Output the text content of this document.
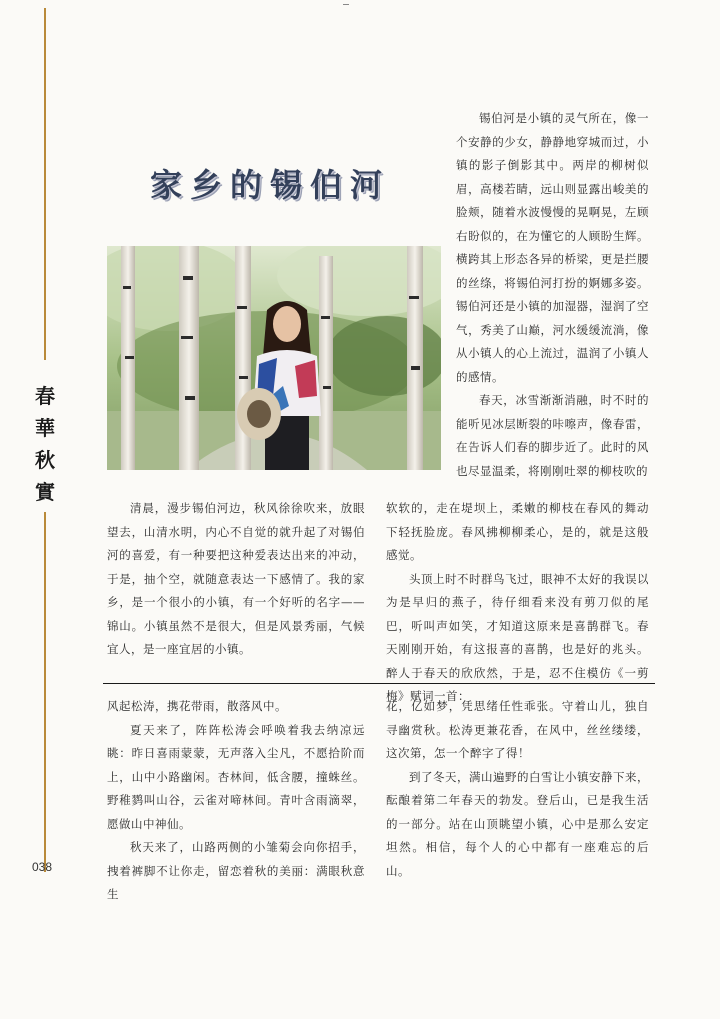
春
華
秋
實
038
家乡的锡伯河

锡伯河是小镇的灵气所在，像一个安静的少女，静静地穿城而过，小镇的影子倒影其中。两岸的柳树似眉，高楼若睛，远山则显露出峻美的脸颊，随着水波慢慢的晃啊晃，左顾右盼似的，在为懂它的人顾盼生辉。横跨其上形态各异的桥梁，更是拦腰的丝绦，将锡伯河打扮的婀娜多姿。锡伯河还是小镇的加湿器，湿润了空气，秀美了山巅，河水缓缓流淌，像从小镇人的心上流过，温润了小镇人的感情。

春天，冰雪渐渐消融，时不时的能听见冰层断裂的咔嚓声，像春雷，在告诉人们春的脚步近了。此时的风也尽显温柔，将刚刚吐翠的柳枝吹的

清晨，漫步锡伯河边，秋风徐徐吹来，放眼望去，山清水明，内心不自觉的就升起了对锡伯河的喜爱，有一种要把这种爱表达出来的冲动，于是，抽个空，就随意表达一下感情了。我的家乡，是一个很小的小镇，有一个好听的名字——锦山。小镇虽然不是很大，但是风景秀丽，气候宜人，是一座宜居的小镇。

软软的，走在堤坝上，柔嫩的柳枝在春风的舞动下轻抚脸庞。春风拂柳柳柔心，是的，就是这般感觉。

头顶上时不时群鸟飞过，眼神不太好的我误以为是早归的燕子，待仔细看来没有剪刀似的尾巴，听叫声如笑，才知道这原来是喜鹊群飞。春天刚刚开始，有这报喜的喜鹊，也是好的兆头。醉人于春天的欣欣然，于是，忍不住模仿《一剪梅》赋词一首：

风起松涛，携花带雨，散落风中。

夏天来了，阵阵松涛会呼唤着我去纳凉远眺：昨日喜雨蒙蒙，无声落入尘凡，不愿拾阶而上，山中小路幽闲。杏林间，低含腰，撞蛛丝。野稚鹨叫山谷，云雀对啼林间。青叶含雨滴翠，愿做山中神仙。

秋天来了，山路两侧的小雏菊会向你招手，拽着裤脚不让你走，留恋着秋的美丽：满眼秋意生

花，亿如梦，凭思绪任性乖张。守着山儿，独自寻幽赏秋。松涛更兼花香，在风中，丝丝缕缕，这次第，怎一个醉字了得！

到了冬天，满山遍野的白雪让小镇安静下来，酝酿着第二年春天的勃发。登后山，已是我生活的一部分。站在山顶眺望小镇，心中是那么安定坦然。相信，每个人的心中都有一座难忘的后山。
